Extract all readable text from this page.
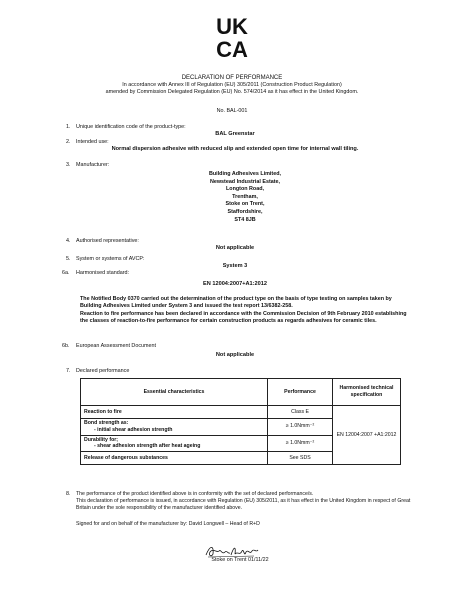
UK
CA
DECLARATION OF PERFORMANCE
In accordance with Annex III of Regulation (EU) 305/2011 (Construction Product Regulation)
amended by Commission Delegated Regulation (EU) No. 574/2014 as it has effect in the United Kingdom.
No. BAL-001
1. Unique identification code of the product-type:
BAL Greenstar
2. Intended use:
Normal dispersion adhesive with reduced slip and extended open time for internal wall tiling.
3. Manufacturer:
Building Adhesives Limited,
Newstead Industrial Estate,
Longton Road,
Trentham,
Stoke on Trent,
Staffordshire,
ST4 8JB
4. Authorised representative:
Not applicable
5. System or systems of AVCP:
System 3
6a. Harmonised standard:
EN 12004:2007+A1:2012
The Notified Body 0370 carried out the determination of the product type on the basis of type testing on samples taken by Building Adhesives Limited under System 3 and issued the test report 13/6382-258.
Reaction to fire performance has been declared in accordance with the Commission Decision of 9th February 2010 establishing the classes of reaction-to-fire performance for certain construction products as regards adhesives for ceramic tiles.
6b. European Assessment Document
Not applicable
7. Declared performance
Essential characteristics	Performance	Harmonised technical specification
Reaction to fire	Class E	EN 12004:2007 +A1:2012

Bond strength as:
- initial shear adhesion strength	≥ 1.0Nmm⁻²	

Durability for;
- shear adhesion strength after heat ageing	≥ 1.0Nmm⁻²	
Release of dangerous substances	See SDS	
8. The performance of the product identified above is in conformity with the set of declared performance/s.
This declaration of performance is issued, in accordance with Regulation (EU) 305/2011, as it has effect in the United Kingdom in respect of Great Britain under the sole responsibility of the manufacturer identified above.
Signed for and on behalf of the manufacturer by: David Longwell – Head of R+D
Stoke on Trent 01/11/22
